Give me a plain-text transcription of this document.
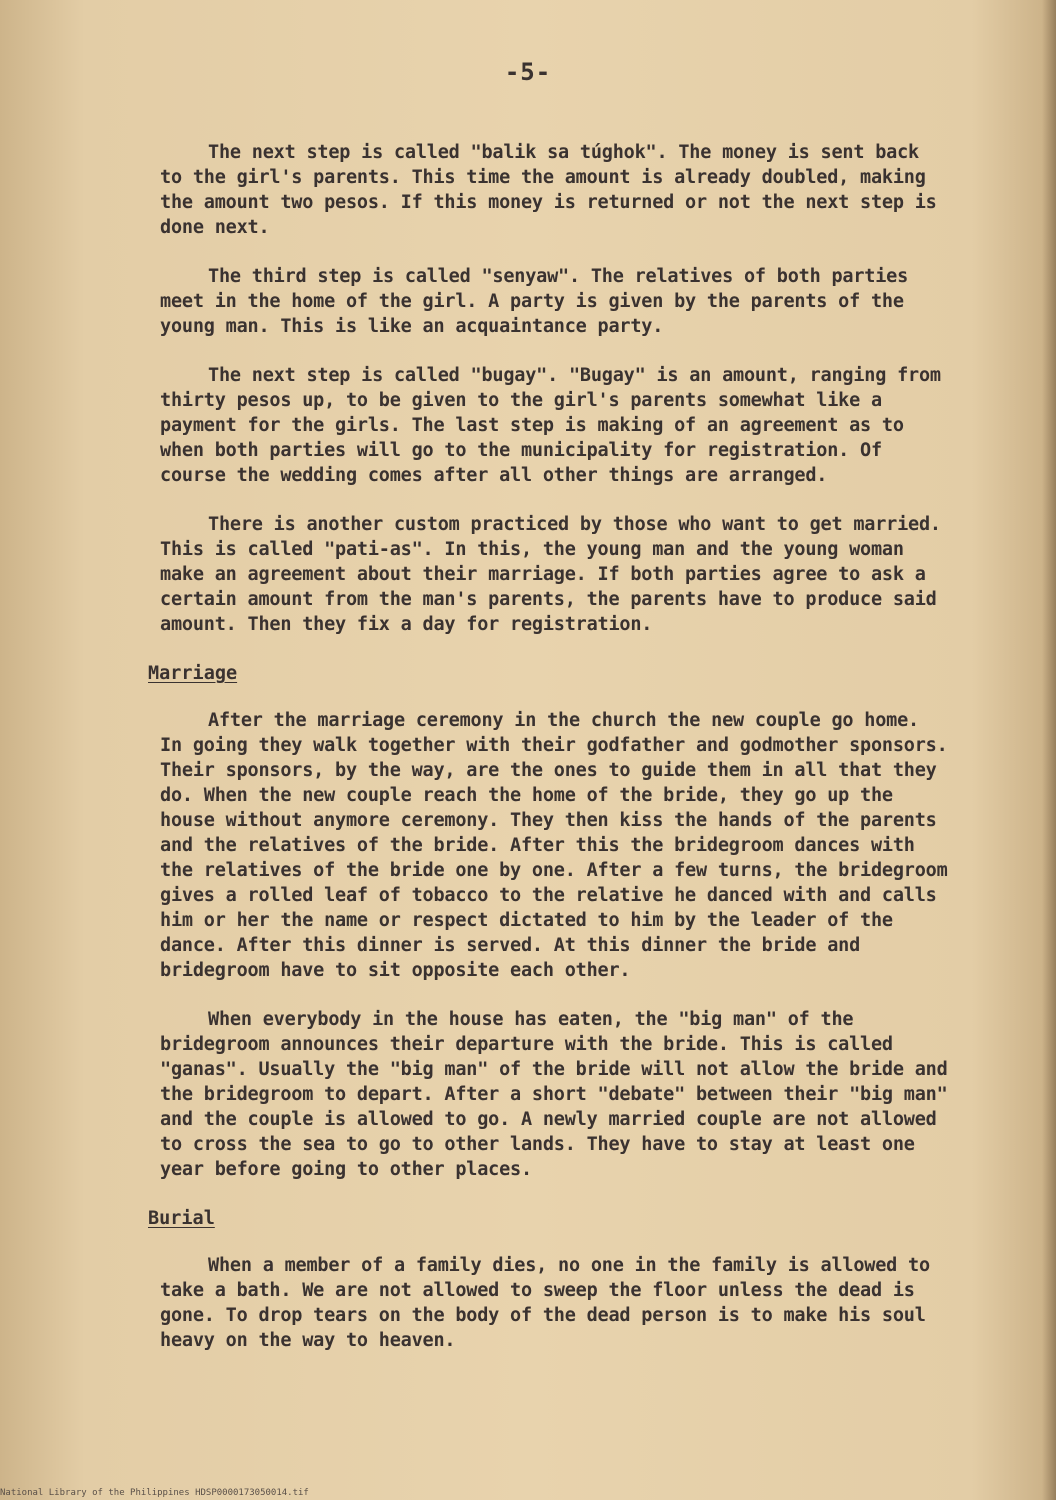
-5-

The next step is called "balik sa túghok". The money is sent back to the girl's parents. This time the amount is already doubled, making the amount two pesos. If this money is returned or not the next step is done next.

The third step is called "senyaw". The relatives of both parties meet in the home of the girl. A party is given by the parents of the young man. This is like an acquaintance party.

The next step is called "bugay". "Bugay" is an amount, ranging from thirty pesos up, to be given to the girl's parents somewhat like a payment for the girls. The last step is making of an agreement as to when both parties will go to the municipality for registration. Of course the wedding comes after all other things are arranged.

There is another custom practiced by those who want to get married. This is called "pati-as". In this, the young man and the young woman make an agreement about their marriage. If both parties agree to ask a certain amount from the man's parents, the parents have to produce said amount. Then they fix a day for registration.

Marriage

After the marriage ceremony in the church the new couple go home. In going they walk together with their godfather and godmother sponsors. Their sponsors, by the way, are the ones to guide them in all that they do. When the new couple reach the home of the bride, they go up the house without anymore ceremony. They then kiss the hands of the parents and the relatives of the bride. After this the bridegroom dances with the relatives of the bride one by one. After a few turns, the bridegroom gives a rolled leaf of tobacco to the relative he danced with and calls him or her the name or respect dictated to him by the leader of the dance. After this dinner is served. At this dinner the bride and bridegroom have to sit opposite each other.

When everybody in the house has eaten, the "big man" of the bridegroom announces their departure with the bride. This is called "ganas". Usually the "big man" of the bride will not allow the bride and the bridegroom to depart. After a short "debate" between their "big man" and the couple is allowed to go. A newly married couple are not allowed to cross the sea to go to other lands. They have to stay at least one year before going to other places.

Burial

When a member of a family dies, no one in the family is allowed to take a bath. We are not allowed to sweep the floor unless the dead is gone. To drop tears on the body of the dead person is to make his soul heavy on the way to heaven.

National Library of the Philippines HDSP0000173050014.tif
